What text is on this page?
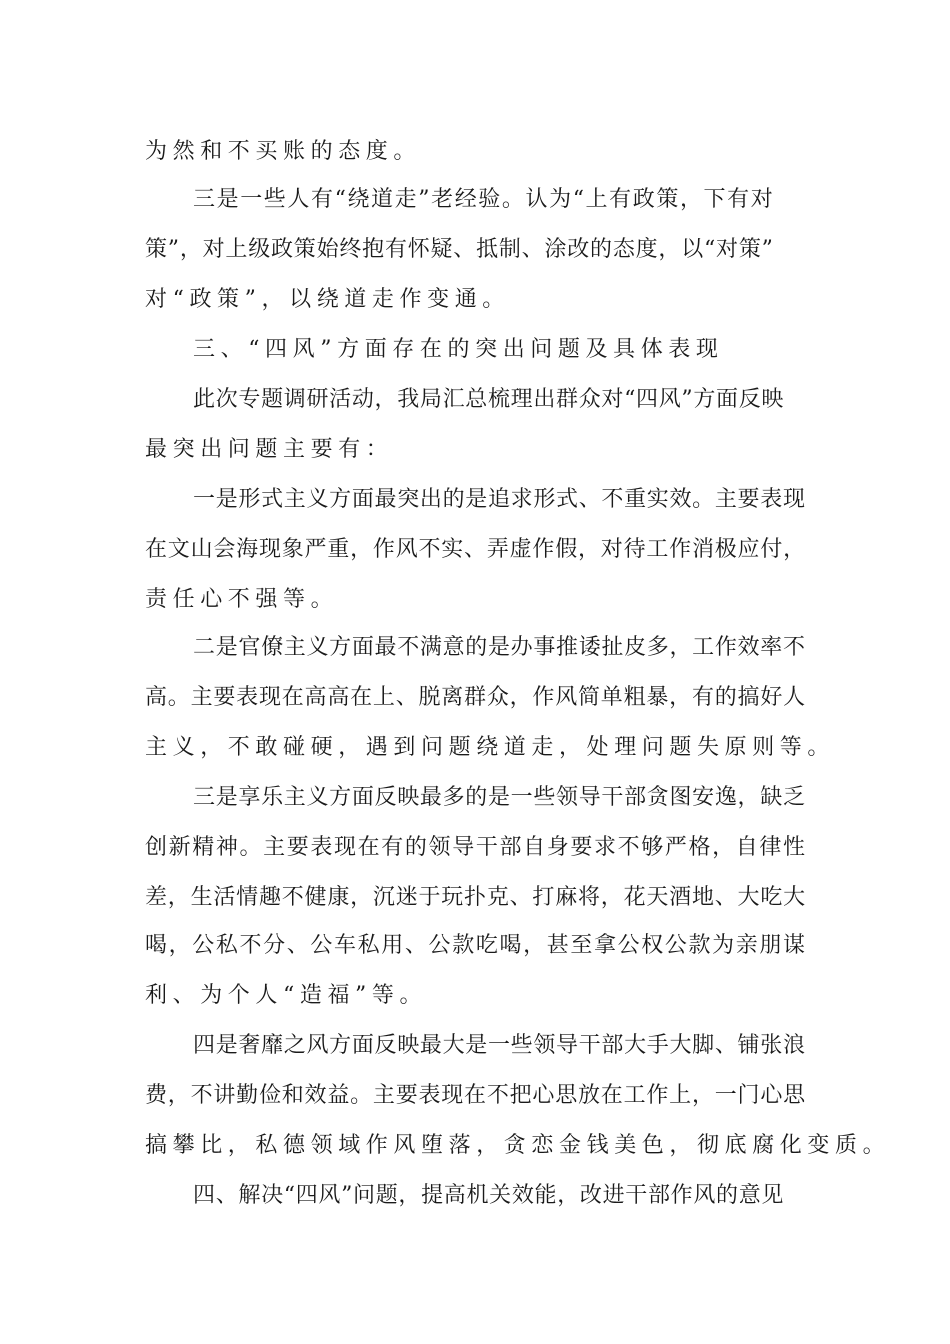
为然和不买账的态度。
三是一些人有“绕道走”老经验。认为“上有政策，下有对
策”，对上级政策始终抱有怀疑、抵制、涂改的态度，以“对策”
对“政策”，以绕道走作变通。
三、“四风”方面存在的突出问题及具体表现
此次专题调研活动，我局汇总梳理出群众对“四风”方面反映
最突出问题主要有：
一是形式主义方面最突出的是追求形式、不重实效。主要表现
在文山会海现象严重，作风不实、弄虚作假，对待工作消极应付，
责任心不强等。
二是官僚主义方面最不满意的是办事推诿扯皮多，工作效率不
高。主要表现在高高在上、脱离群众，作风简单粗暴，有的搞好人
主义，不敢碰硬，遇到问题绕道走，处理问题失原则等。
三是享乐主义方面反映最多的是一些领导干部贪图安逸，缺乏
创新精神。主要表现在有的领导干部自身要求不够严格，自律性
差，生活情趣不健康，沉迷于玩扑克、打麻将，花天酒地、大吃大
喝，公私不分、公车私用、公款吃喝，甚至拿公权公款为亲朋谋
利、为个人“造福”等。
四是奢靡之风方面反映最大是一些领导干部大手大脚、铺张浪
费，不讲勤俭和效益。主要表现在不把心思放在工作上，一门心思
搞攀比，私德领域作风堕落，贪恋金钱美色，彻底腐化变质。
四、解决“四风”问题，提高机关效能，改进干部作风的意见
